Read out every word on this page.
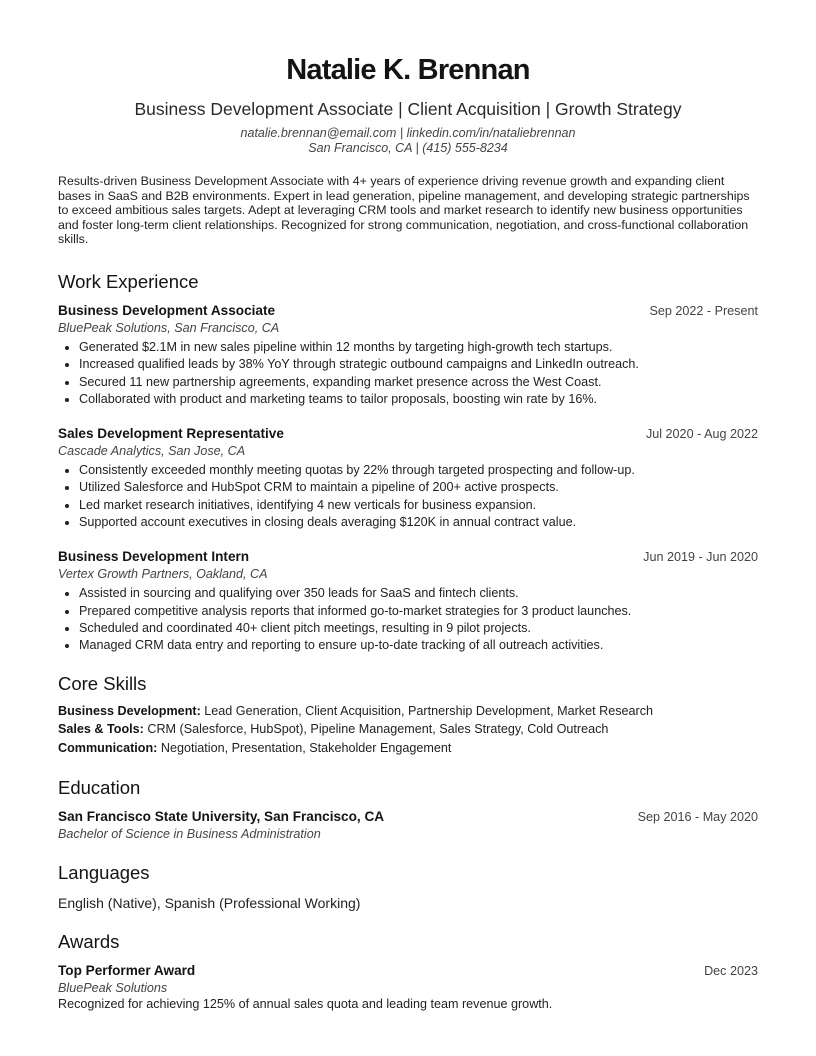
Natalie K. Brennan
Business Development Associate | Client Acquisition | Growth Strategy
natalie.brennan@email.com | linkedin.com/in/nataliebrennan
San Francisco, CA | (415) 555-8234
Results-driven Business Development Associate with 4+ years of experience driving revenue growth and expanding client bases in SaaS and B2B environments. Expert in lead generation, pipeline management, and developing strategic partnerships to exceed ambitious sales targets. Adept at leveraging CRM tools and market research to identify new business opportunities and foster long-term client relationships. Recognized for strong communication, negotiation, and cross-functional collaboration skills.
Work Experience
Business Development Associate	Sep 2022 - Present
BluePeak Solutions, San Francisco, CA
• Generated $2.1M in new sales pipeline within 12 months by targeting high-growth tech startups.
• Increased qualified leads by 38% YoY through strategic outbound campaigns and LinkedIn outreach.
• Secured 11 new partnership agreements, expanding market presence across the West Coast.
• Collaborated with product and marketing teams to tailor proposals, boosting win rate by 16%.
Sales Development Representative	Jul 2020 - Aug 2022
Cascade Analytics, San Jose, CA
• Consistently exceeded monthly meeting quotas by 22% through targeted prospecting and follow-up.
• Utilized Salesforce and HubSpot CRM to maintain a pipeline of 200+ active prospects.
• Led market research initiatives, identifying 4 new verticals for business expansion.
• Supported account executives in closing deals averaging $120K in annual contract value.
Business Development Intern	Jun 2019 - Jun 2020
Vertex Growth Partners, Oakland, CA
• Assisted in sourcing and qualifying over 350 leads for SaaS and fintech clients.
• Prepared competitive analysis reports that informed go-to-market strategies for 3 product launches.
• Scheduled and coordinated 40+ client pitch meetings, resulting in 9 pilot projects.
• Managed CRM data entry and reporting to ensure up-to-date tracking of all outreach activities.
Core Skills
Business Development: Lead Generation, Client Acquisition, Partnership Development, Market Research
Sales & Tools: CRM (Salesforce, HubSpot), Pipeline Management, Sales Strategy, Cold Outreach
Communication: Negotiation, Presentation, Stakeholder Engagement
Education
San Francisco State University, San Francisco, CA	Sep 2016 - May 2020
Bachelor of Science in Business Administration
Languages
English (Native), Spanish (Professional Working)
Awards
Top Performer Award	Dec 2023
BluePeak Solutions
Recognized for achieving 125% of annual sales quota and leading team revenue growth.
